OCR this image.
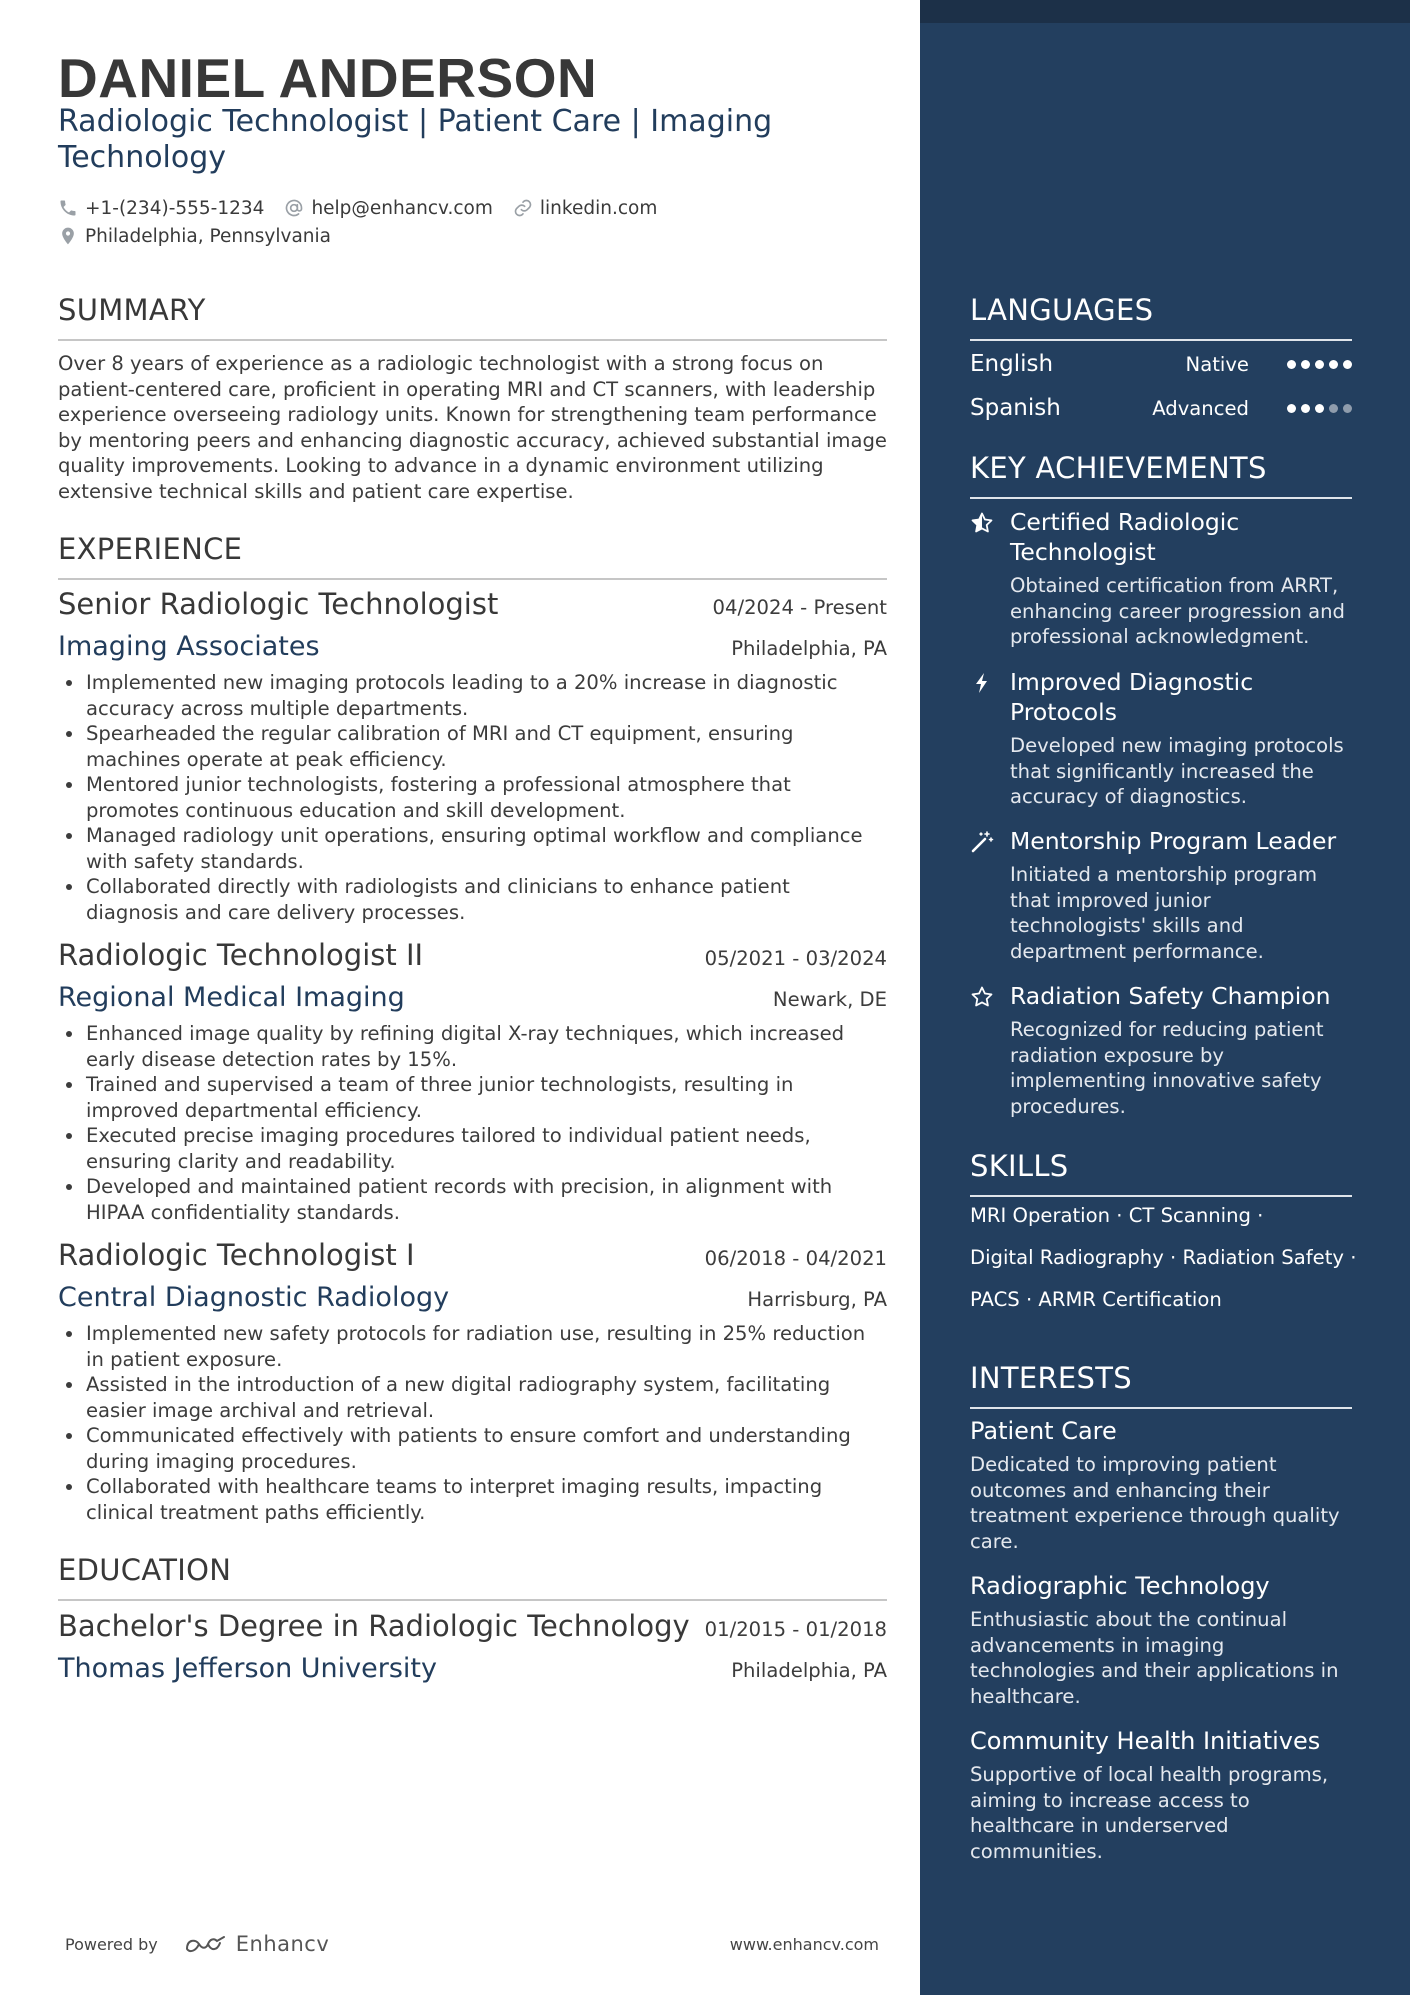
DANIEL ANDERSON
Radiologic Technologist | Patient Care | Imaging Technology
+1-(234)-555-1234	help@enhancv.com	linkedin.com
Philadelphia, Pennsylvania
SUMMARY
Over 8 years of experience as a radiologic technologist with a strong focus on patient-centered care, proficient in operating MRI and CT scanners, with leadership experience overseeing radiology units. Known for strengthening team performance by mentoring peers and enhancing diagnostic accuracy, achieved substantial image quality improvements. Looking to advance in a dynamic environment utilizing extensive technical skills and patient care expertise.
EXPERIENCE
Senior Radiologic Technologist	04/2024 - Present
Imaging Associates	Philadelphia, PA
Implemented new imaging protocols leading to a 20% increase in diagnostic accuracy across multiple departments.
Spearheaded the regular calibration of MRI and CT equipment, ensuring machines operate at peak efficiency.
Mentored junior technologists, fostering a professional atmosphere that promotes continuous education and skill development.
Managed radiology unit operations, ensuring optimal workflow and compliance with safety standards.
Collaborated directly with radiologists and clinicians to enhance patient diagnosis and care delivery processes.
Radiologic Technologist II	05/2021 - 03/2024
Regional Medical Imaging	Newark, DE
Enhanced image quality by refining digital X-ray techniques, which increased early disease detection rates by 15%.
Trained and supervised a team of three junior technologists, resulting in improved departmental efficiency.
Executed precise imaging procedures tailored to individual patient needs, ensuring clarity and readability.
Developed and maintained patient records with precision, in alignment with HIPAA confidentiality standards.
Radiologic Technologist I	06/2018 - 04/2021
Central Diagnostic Radiology	Harrisburg, PA
Implemented new safety protocols for radiation use, resulting in 25% reduction in patient exposure.
Assisted in the introduction of a new digital radiography system, facilitating easier image archival and retrieval.
Communicated effectively with patients to ensure comfort and understanding during imaging procedures.
Collaborated with healthcare teams to interpret imaging results, impacting clinical treatment paths efficiently.
EDUCATION
Bachelor's Degree in Radiologic Technology 01/2015 - 01/2018
Thomas Jefferson University	Philadelphia, PA
Powered by	Enhancv	www.enhancv.com
LANGUAGES
English	Native
Spanish	Advanced
KEY ACHIEVEMENTS
Certified Radiologic Technologist
Obtained certification from ARRT, enhancing career progression and professional acknowledgment.
Improved Diagnostic Protocols
Developed new imaging protocols that significantly increased the accuracy of diagnostics.
Mentorship Program Leader
Initiated a mentorship program that improved junior technologists' skills and department performance.
Radiation Safety Champion
Recognized for reducing patient radiation exposure by implementing innovative safety procedures.
SKILLS
MRI Operation · CT Scanning ·
Digital Radiography · Radiation Safety ·
PACS · ARMR Certification
INTERESTS
Patient Care
Dedicated to improving patient outcomes and enhancing their treatment experience through quality care.
Radiographic Technology
Enthusiastic about the continual advancements in imaging technologies and their applications in healthcare.
Community Health Initiatives
Supportive of local health programs, aiming to increase access to healthcare in underserved communities.
